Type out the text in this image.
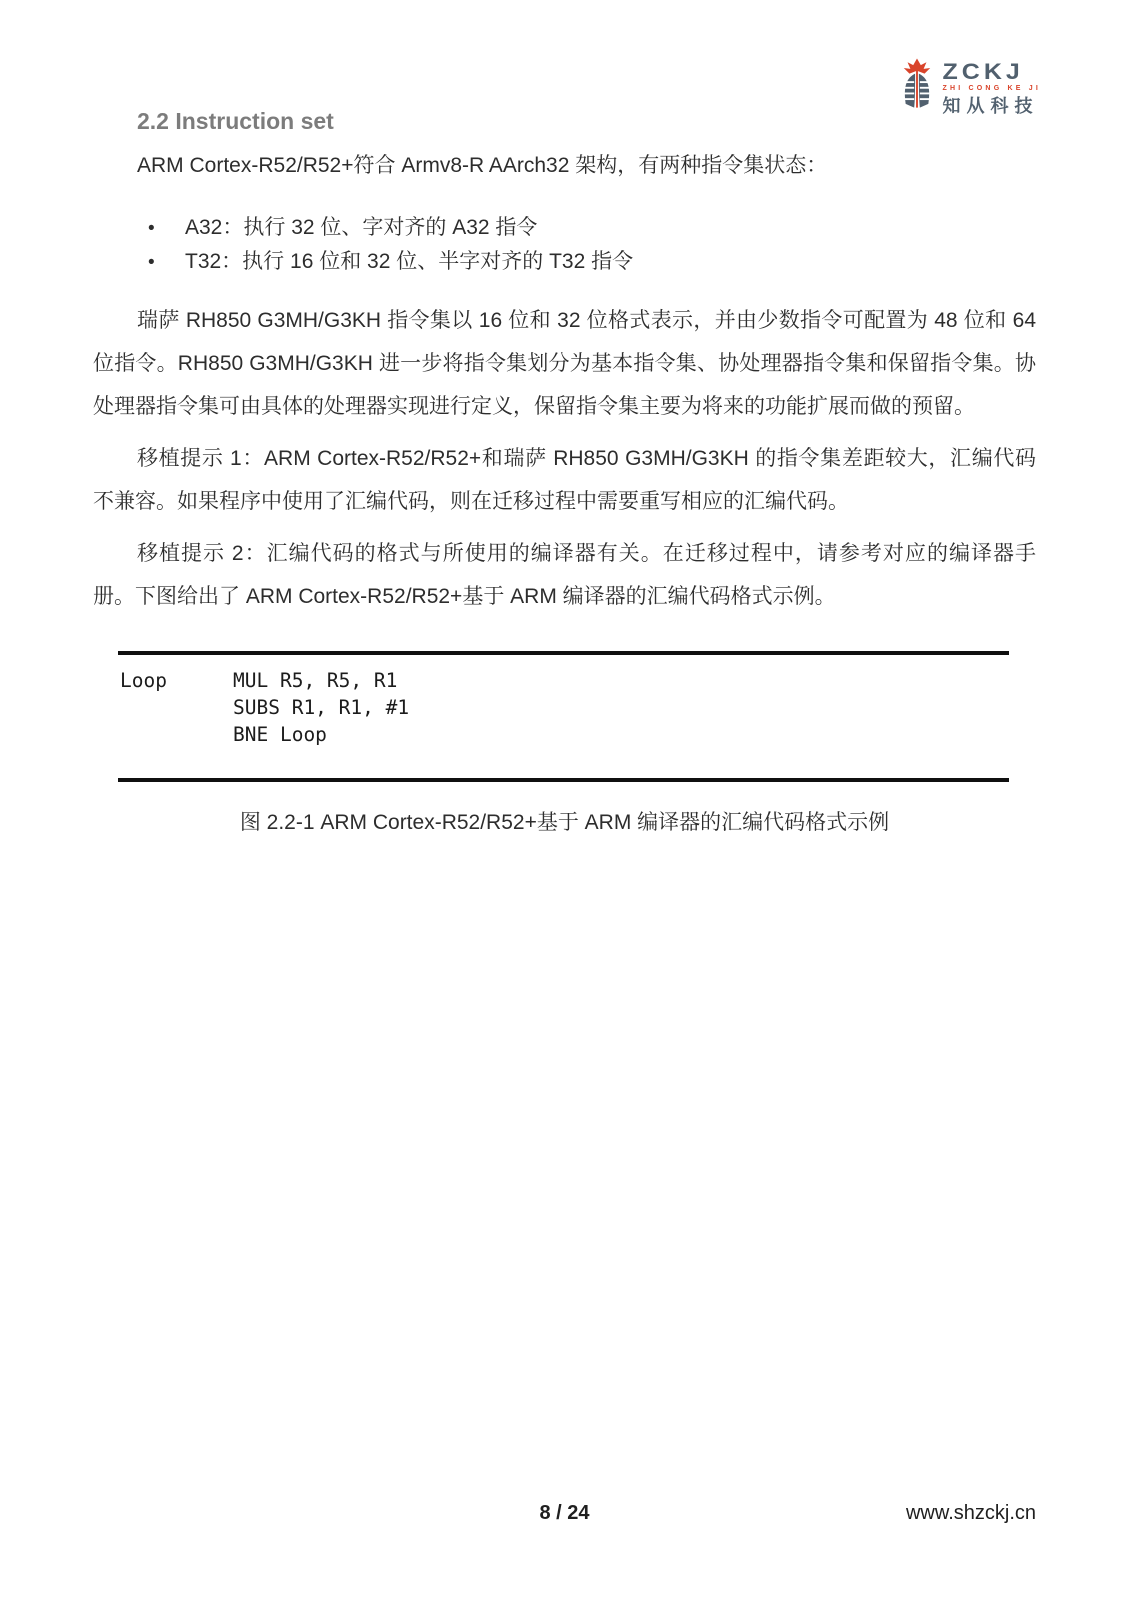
ZCKJ
ZHI CONG KE JI
知从科技
2.2 Instruction set

ARM Cortex-R52/R52+符合 Armv8-R AArch32 架构，有两种指令集状态：

•	A32：执行 32 位、字对齐的 A32 指令
•	T32：执行 16 位和 32 位、半字对齐的 T32 指令

瑞萨 RH850 G3MH/G3KH 指令集以 16 位和 32 位格式表示，并由少数指令可配置为 48 位和 64 位指令。RH850 G3MH/G3KH 进一步将指令集划分为基本指令集、协处理器指令集和保留指令集。协处理器指令集可由具体的处理器实现进行定义，保留指令集主要为将来的功能扩展而做的预留。

移植提示 1：ARM Cortex-R52/R52+和瑞萨 RH850 G3MH/G3KH 的指令集差距较大，汇编代码不兼容。如果程序中使用了汇编代码，则在迁移过程中需要重写相应的汇编代码。

移植提示 2：汇编代码的格式与所使用的编译器有关。在迁移过程中，请参考对应的编译器手册。下图给出了 ARM Cortex-R52/R52+基于 ARM 编译器的汇编代码格式示例。

Loop	MUL R5, R5, R1
SUBS R1, R1, #1
BNE Loop
图 2.2-1 ARM Cortex-R52/R52+基于 ARM 编译器的汇编代码格式示例
8 / 24	www.shzckj.cn
